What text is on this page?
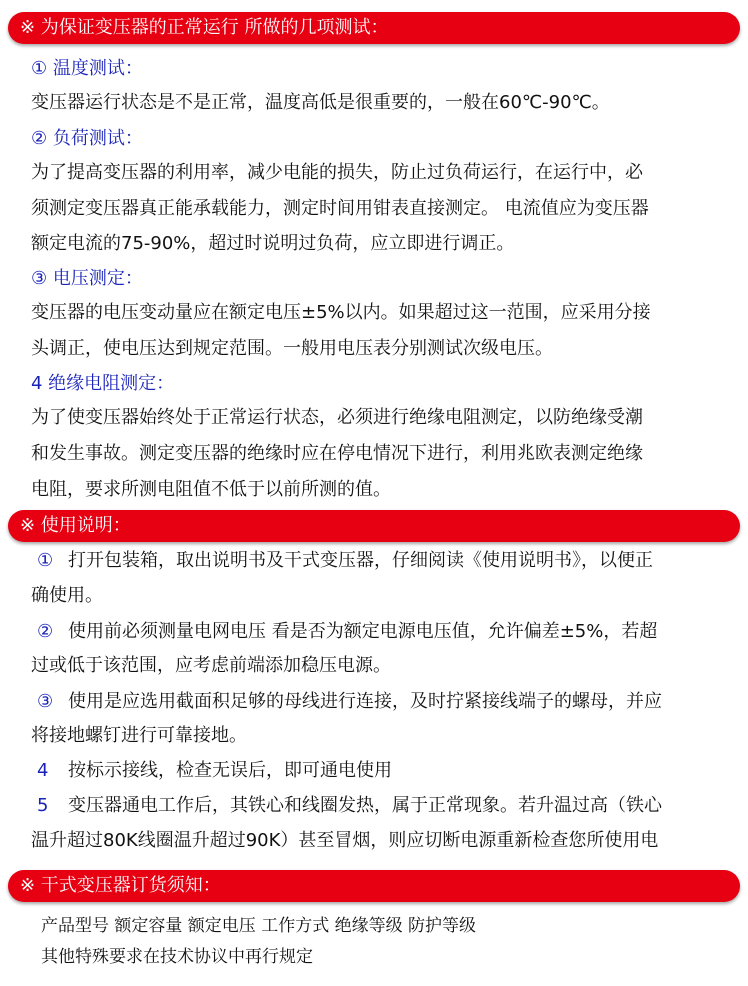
※ 为保证变压器的正常运行 所做的几项测试：
① 温度测试：
变压器运行状态是不是正常，温度高低是很重要的，一般在60℃-90℃。
② 负荷测试：
为了提高变压器的利用率，减少电能的损失，防止过负荷运行，在运行中，必
须测定变压器真正能承载能力，测定时间用钳表直接测定。 电流值应为变压器
额定电流的75-90%，超过时说明过负荷，应立即进行调正。
③ 电压测定：
变压器的电压变动量应在额定电压±5%以内。如果超过这一范围，应采用分接
头调正，使电压达到规定范围。一般用电压表分别测试次级电压。
4 绝缘电阻测定：
为了使变压器始终处于正常运行状态，必须进行绝缘电阻测定，以防绝缘受潮
和发生事故。测定变压器的绝缘时应在停电情况下进行，利用兆欧表测定绝缘
电阻，要求所测电阻值不低于以前所测的值。
※ 使用说明：
① 打开包装箱，取出说明书及干式变压器，仔细阅读《使用说明书》，以便正
确使用。
② 使用前必须测量电网电压 看是否为额定电源电压值，允许偏差±5%，若超
过或低于该范围，应考虑前端添加稳压电源。
③ 使用是应选用截面积足够的母线进行连接，及时拧紧接线端子的螺母，并应
将接地螺钉进行可靠接地。
4 按标示接线，检查无误后，即可通电使用
5 变压器通电工作后，其铁心和线圈发热，属于正常现象。若升温过高（铁心
温升超过80K线圈温升超过90K）甚至冒烟，则应切断电源重新检查您所使用电
※ 干式变压器订货须知：
产品型号 额定容量 额定电压 工作方式 绝缘等级 防护等级
其他特殊要求在技术协议中再行规定
